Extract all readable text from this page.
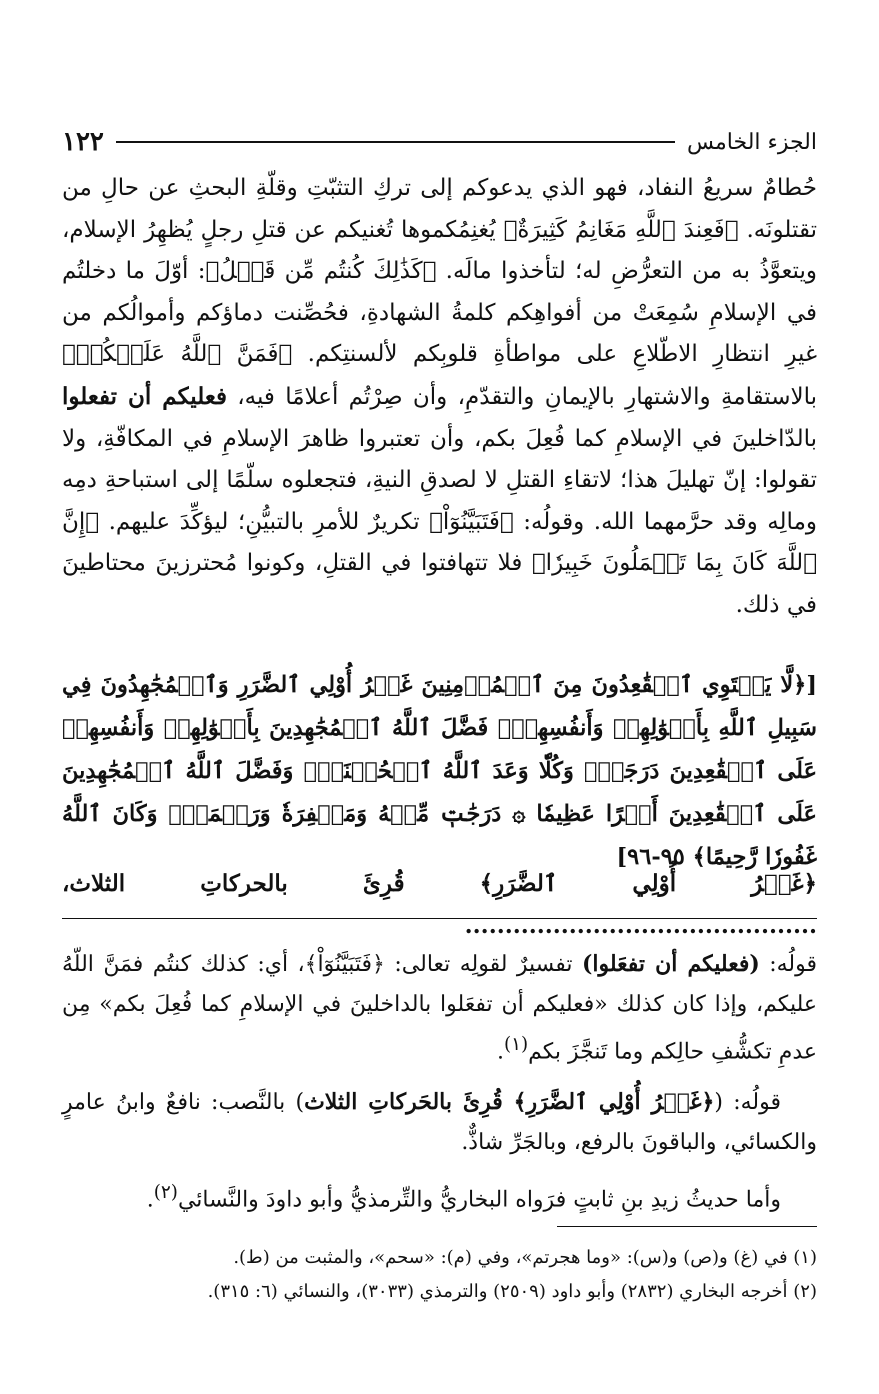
١٢٢	الجزء الخامس

حُطامٌ سريعُ النفاد، فهو الذي يدعوكم إلى تركِ التثبّتِ وقلّةِ البحثِ عن حالِ من تقتلونَه. ﴿فَعِندَ ٱللَّهِ مَغَانِمُ كَثِيرَةٌ﴾ يُغنِمُكموها تُغنيكم عن قتلِ رجلٍ يُظهِرُ الإسلام، ويتعوَّذُ به من التعرُّضِ له؛ لتأخذوا مالَه. ﴿كَذَٰلِكَ كُنتُم مِّن قَبۡلُ﴾: أوّلَ ما دخلتُم في الإسلامِ سُمِعَتْ من أفواهِكم كلمةُ الشهادةِ، فحُصِّنت دماؤكم وأموالُكم من غيرِ انتظارِ الاطّلاعِ على مواطأةِ قلوبِكم لألسنتِكم. ﴿فَمَنَّ ٱللَّهُ عَلَيۡكُمۡ﴾ بالاستقامةِ والاشتهارِ بالإيمانِ والتقدّمِ، وأن صِرْتُم أعلامًا فيه، فعليكم أن تفعلوا بالدّاخلينَ في الإسلامِ كما فُعِلَ بكم، وأن تعتبروا ظاهرَ الإسلامِ في المكافّةِ، ولا تقولوا: إنّ تهليلَ هذا؛ لاتقاءِ القتلِ لا لصدقِ النيةِ، فتجعلوه سلّمًا إلى استباحةِ دمِه ومالِه وقد حرَّمهما الله. وقولُه: ﴿فَتَبَيَّنُوٓاْ﴾ تكريرٌ للأمرِ بالتبيُّنِ؛ ليؤكِّدَ عليهم. ﴿إِنَّ ٱللَّهَ كَانَ بِمَا تَعۡمَلُونَ خَبِيرٗا﴾ فلا تتهافتوا في القتلِ، وكونوا مُحترزينَ محتاطينَ في ذلك.

[﴿لَّا يَسۡتَوِي ٱلۡقَٰعِدُونَ مِنَ ٱلۡمُؤۡمِنِينَ غَيۡرُ أُوْلِي ٱلضَّرَرِ وَٱلۡمُجَٰهِدُونَ فِي سَبِيلِ ٱللَّهِ بِأَمۡوَٰلِهِمۡ وَأَنفُسِهِمۡۚ فَضَّلَ ٱللَّهُ ٱلۡمُجَٰهِدِينَ بِأَمۡوَٰلِهِمۡ وَأَنفُسِهِمۡ عَلَى ٱلۡقَٰعِدِينَ دَرَجَةٗۚ وَكُلّٗا وَعَدَ ٱللَّهُ ٱلۡحُسۡنَىٰۚ وَفَضَّلَ ٱللَّهُ ٱلۡمُجَٰهِدِينَ عَلَى ٱلۡقَٰعِدِينَ أَجۡرًا عَظِيمٗا ۞ دَرَجَٰتٖ مِّنۡهُ وَمَغۡفِرَةٗ وَرَحۡمَةٗۚ وَكَانَ ٱللَّهُ غَفُورٗا رَّحِيمًا﴾ ٩٥-٩٦]

﴿غَيۡرُ أُوْلِي ٱلضَّرَرِ﴾ قُرِئَ بالحركاتِ الثلاث، ............................................

قولُه: (فعليكم أن تفعَلوا) تفسيرٌ لقولِه تعالى: ﴿فَتَبَيَّنُوٓاْ﴾، أي: كذلك كنتُم فمَنَّ اللّهُ عليكم، وإذا كان كذلك «فعليكم أن تفعَلوا بالداخلينَ في الإسلامِ كما فُعِلَ بكم» مِن عدمِ تكشُّفِ حالِكم وما تَنجَّزَ بكم$^{(١)}$.

قولُه: (﴿غَيۡرُ أُوْلِي ٱلضَّرَرِ﴾ قُرِئَ بالحَركاتِ الثلاث) بالنَّصب: نافعٌ وابنُ عامرٍ والكسائي، والباقونَ بالرفع، وبالجَرِّ شاذٌّ.

وأما حديثُ زيدِ بنِ ثابتٍ فرَواه البخاريُّ والتِّرمذيُّ وأبو داودَ والنَّسائي$^{(٢)}$.

(١) في (غ) و(ص) و(س): «وما هجرتم»، وفي (م): «سحم»، والمثبت من (ط).

(٢) أخرجه البخاري (٢٨٣٢) وأبو داود (٢٥٠٩) والترمذي (٣٠٣٣)، والنسائي (٦: ٣١٥).
